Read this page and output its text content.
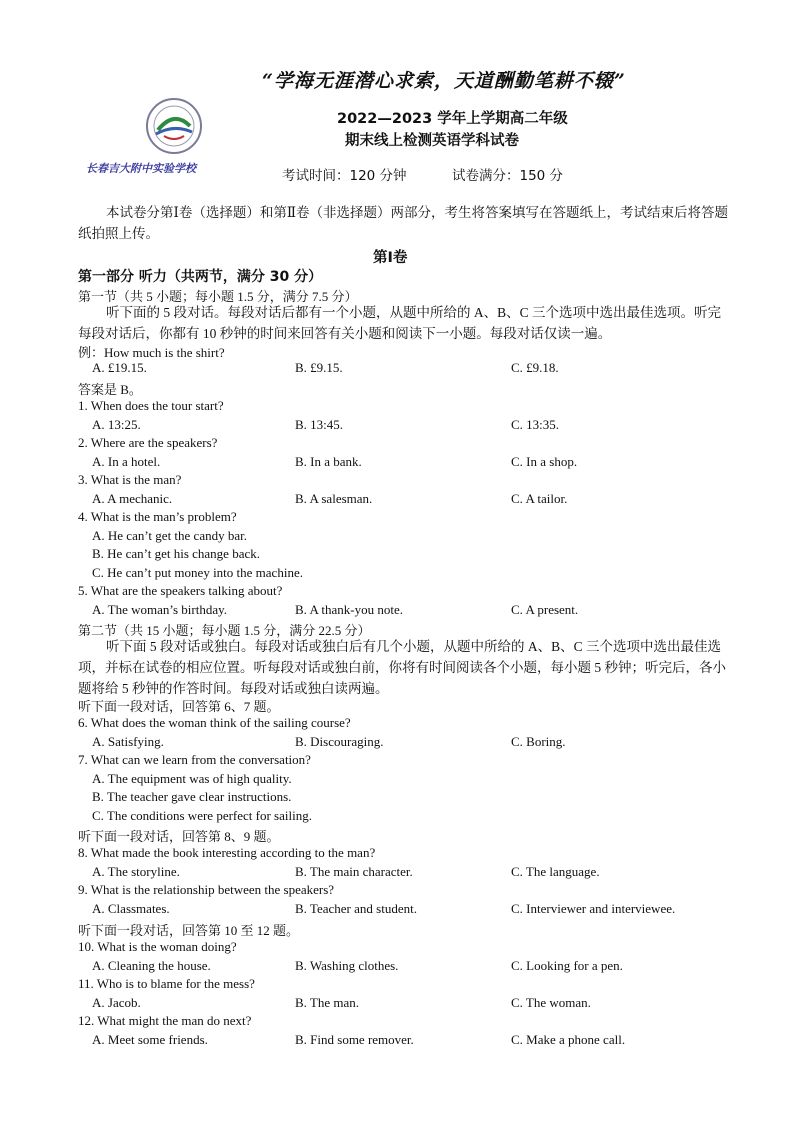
“学海无涯潜心求索，天道酬勤笔耕不辍”
长春吉大附中实验学校
2022—2023 学年上学期高二年级
期末线上检测英语学科试卷
考试时间：120 分钟	试卷满分：150 分
本试卷分第Ⅰ卷（选择题）和第Ⅱ卷（非选择题）两部分，考生将答案填写在答题纸上，考试结束后将答题纸拍照上传。
第Ⅰ卷
第一部分 听力（共两节，满分 30 分）
第一节（共 5 小题；每小题 1.5 分，满分 7.5 分）
听下面的 5 段对话。每段对话后都有一个小题，从题中所给的 A、B、C 三个选项中选出最佳选项。听完每段对话后，你都有 10 秒钟的时间来回答有关小题和阅读下一小题。每段对话仅读一遍。
例：How much is the shirt?
A. £19.15.	B. £9.15.	C. £9.18.
答案是 B。
1. When does the tour start?
A. 13:25.	B. 13:45.	C. 13:35.
2. Where are the speakers?
A. In a hotel.	B. In a bank.	C. In a shop.
3. What is the man?
A. A mechanic.	B. A salesman.	C. A tailor.
4. What is the man’s problem?
A. He can’t get the candy bar.
B. He can’t get his change back.
C. He can’t put money into the machine.
5. What are the speakers talking about?
A. The woman’s birthday.	B. A thank-you note.	C. A present.
第二节（共 15 小题；每小题 1.5 分，满分 22.5 分）
听下面 5 段对话或独白。每段对话或独白后有几个小题，从题中所给的 A、B、C 三个选项中选出最佳选项，并标在试卷的相应位置。听每段对话或独白前，你将有时间阅读各个小题，每小题 5 秒钟；听完后，各小题将给 5 秒钟的作答时间。每段对话或独白读两遍。
听下面一段对话，回答第 6、7 题。
6. What does the woman think of the sailing course?
A. Satisfying.	B. Discouraging.	C. Boring.
7. What can we learn from the conversation?
A. The equipment was of high quality.
B. The teacher gave clear instructions.
C. The conditions were perfect for sailing.
听下面一段对话，回答第 8、9 题。
8. What made the book interesting according to the man?
A. The storyline.	B. The main character.	C. The language.
9. What is the relationship between the speakers?
A. Classmates.	B. Teacher and student.	C. Interviewer and interviewee.
听下面一段对话，回答第 10 至 12 题。
10. What is the woman doing?
A. Cleaning the house.	B. Washing clothes.	C. Looking for a pen.
11. Who is to blame for the mess?
A. Jacob.	B. The man.	C. The woman.
12. What might the man do next?
A. Meet some friends.	B. Find some remover.	C. Make a phone call.
